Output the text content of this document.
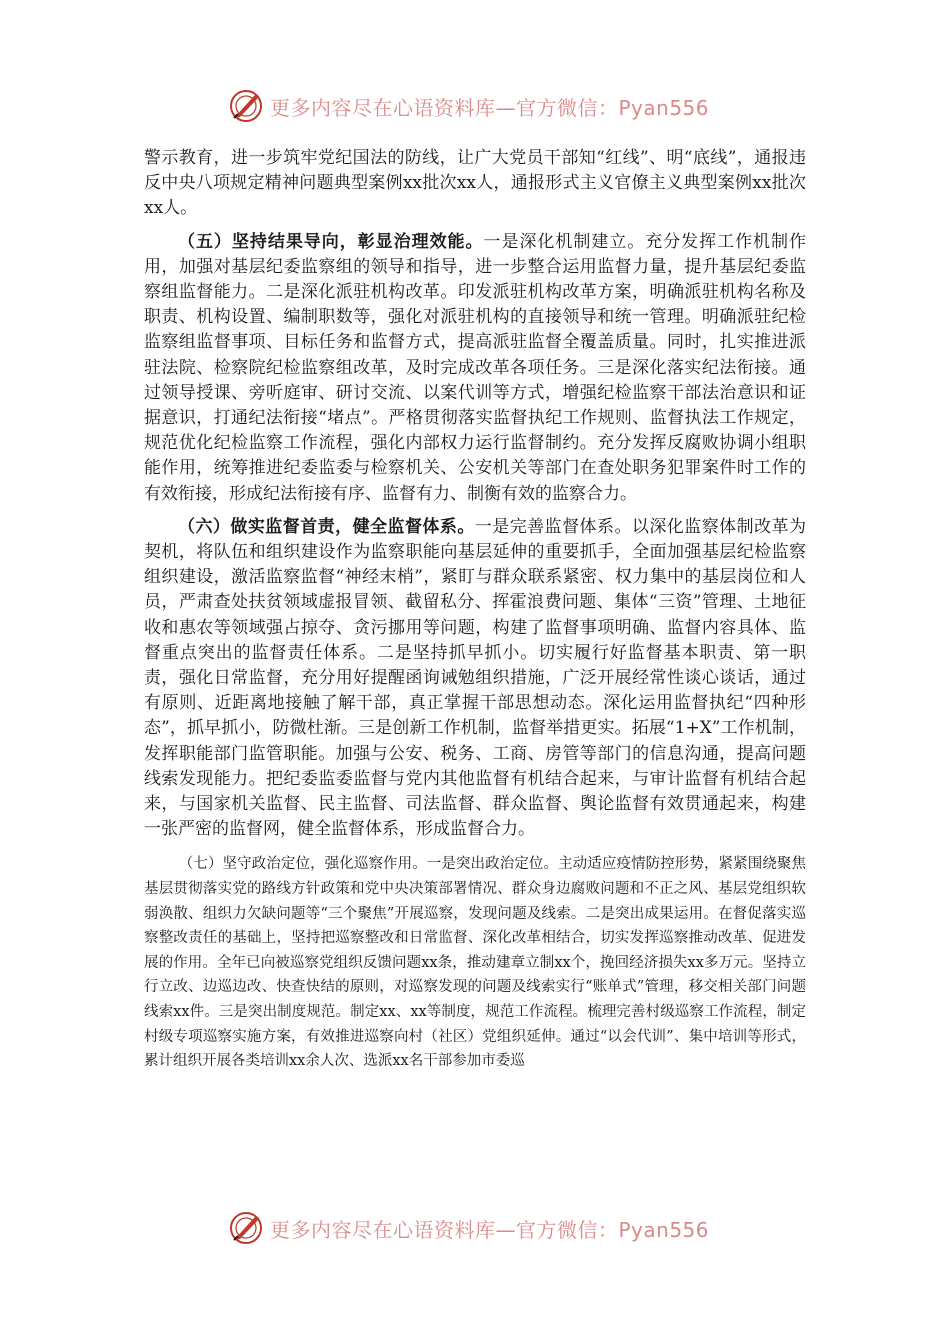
更多内容尽在心语资料库—官方微信：Pyan556

警示教育，进一步筑牢党纪国法的防线，让广大党员干部知“红线”、明“底线”，通报违反中央八项规定精神问题典型案例xx批次xx人，通报形式主义官僚主义典型案例xx批次xx人。

（五）坚持结果导向，彰显治理效能。一是深化机制建立。充分发挥工作机制作用，加强对基层纪委监察组的领导和指导，进一步整合运用监督力量，提升基层纪委监察组监督能力。二是深化派驻机构改革。印发派驻机构改革方案，明确派驻机构名称及职责、机构设置、编制职数等，强化对派驻机构的直接领导和统一管理。明确派驻纪检监察组监督事项、目标任务和监督方式，提高派驻监督全覆盖质量。同时，扎实推进派驻法院、检察院纪检监察组改革，及时完成改革各项任务。三是深化落实纪法衔接。通过领导授课、旁听庭审、研讨交流、以案代训等方式，增强纪检监察干部法治意识和证据意识，打通纪法衔接“堵点”。严格贯彻落实监督执纪工作规则、监督执法工作规定，规范优化纪检监察工作流程，强化内部权力运行监督制约。充分发挥反腐败协调小组职能作用，统筹推进纪委监委与检察机关、公安机关等部门在查处职务犯罪案件时工作的有效衔接，形成纪法衔接有序、监督有力、制衡有效的监察合力。

（六）做实监督首责，健全监督体系。一是完善监督体系。以深化监察体制改革为契机，将队伍和组织建设作为监察职能向基层延伸的重要抓手，全面加强基层纪检监察组织建设，激活监察监督“神经末梢”，紧盯与群众联系紧密、权力集中的基层岗位和人员，严肃查处扶贫领域虚报冒领、截留私分、挥霍浪费问题、集体“三资”管理、土地征收和惠农等领域强占掠夺、贪污挪用等问题，构建了监督事项明确、监督内容具体、监督重点突出的监督责任体系。二是坚持抓早抓小。切实履行好监督基本职责、第一职责，强化日常监督，充分用好提醒函询诫勉组织措施，广泛开展经常性谈心谈话，通过有原则、近距离地接触了解干部，真正掌握干部思想动态。深化运用监督执纪“四种形态”，抓早抓小，防微杜渐。三是创新工作机制，监督举措更实。拓展“1+X”工作机制，发挥职能部门监管职能。加强与公安、税务、工商、房管等部门的信息沟通，提高问题线索发现能力。把纪委监委监督与党内其他监督有机结合起来，与审计监督有机结合起来，与国家机关监督、民主监督、司法监督、群众监督、舆论监督有效贯通起来，构建一张严密的监督网，健全监督体系，形成监督合力。

（七）坚守政治定位，强化巡察作用。一是突出政治定位。主动适应疫情防控形势，紧紧围绕聚焦基层贯彻落实党的路线方针政策和党中央决策部署情况、群众身边腐败问题和不正之风、基层党组织软弱涣散、组织力欠缺问题等“三个聚焦”开展巡察，发现问题及线索。二是突出成果运用。在督促落实巡察整改责任的基础上，坚持把巡察整改和日常监督、深化改革相结合，切实发挥巡察推动改革、促进发展的作用。全年已向被巡察党组织反馈问题xx条，推动建章立制xx个，挽回经济损失xx多万元。坚持立行立改、边巡边改、快查快结的原则，对巡察发现的问题及线索实行“账单式”管理，移交相关部门问题线索xx件。三是突出制度规范。制定xx、xx等制度，规范工作流程。梳理完善村级巡察工作流程，制定村级专项巡察实施方案，有效推进巡察向村（社区）党组织延伸。通过“以会代训”、集中培训等形式，累计组织开展各类培训xx余人次、选派xx名干部参加市委巡

更多内容尽在心语资料库—官方微信：Pyan556
